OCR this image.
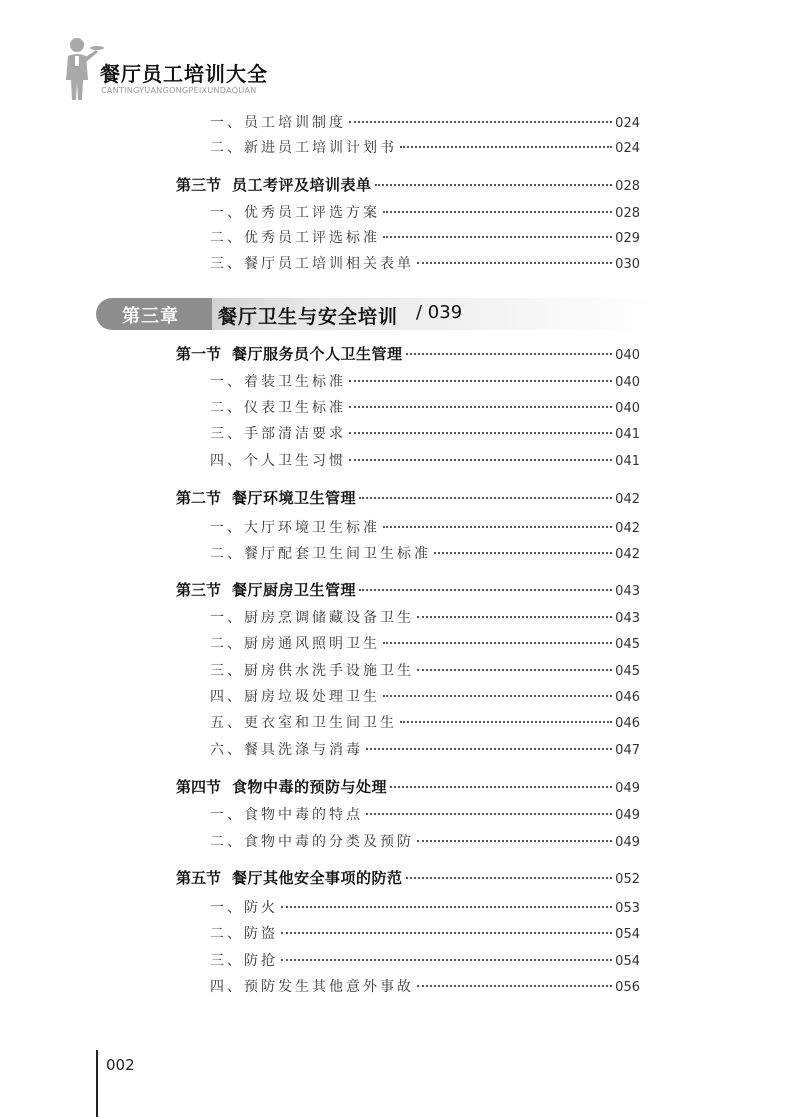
餐厅员工培训大全
CANTINGYUANGONGPEIXUNDAQUAN
第三章 餐厅卫生与安全培训 / 039
一、员工培训制度	024
二、新进员工培训计划书	024
第三节 员工考评及培训表单	028
一、优秀员工评选方案	028
二、优秀员工评选标准	029
三、餐厅员工培训相关表单	030
第一节 餐厅服务员个人卫生管理	040
一、着装卫生标准	040
二、仪表卫生标准	040
三、手部清洁要求	041
四、个人卫生习惯	041
第二节 餐厅环境卫生管理	042
一、大厅环境卫生标准	042
二、餐厅配套卫生间卫生标准	042
第三节 餐厅厨房卫生管理	043
一、厨房烹调储藏设备卫生	043
二、厨房通风照明卫生	045
三、厨房供水洗手设施卫生	045
四、厨房垃圾处理卫生	046
五、更衣室和卫生间卫生	046
六、餐具洗涤与消毒	047
第四节 食物中毒的预防与处理	049
一、食物中毒的特点	049
二、食物中毒的分类及预防	049
第五节 餐厅其他安全事项的防范	052
一、防火	053
二、防盗	054
三、防抢	054
四、预防发生其他意外事故	056
002
